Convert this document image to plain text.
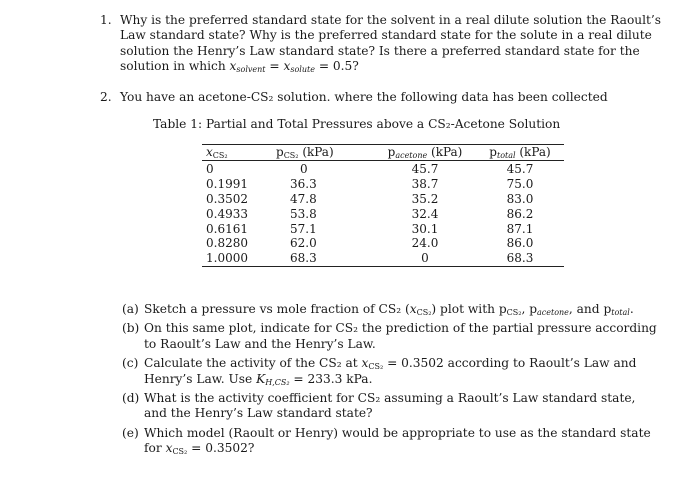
1. Why is the preferred standard state for the solvent in a real dilute solution the Raoult’s
Law standard state? Why is the preferred standard state for the solute in a real dilute
solution the Henry’s Law standard state? Is there a preferred standard state for the
solution in which $x_{solvent} = x_{solute} = 0.5$?
2. You have an acetone-CS₂ solution. where the following data has been collected
Table 1: Partial and Total Pressures above a CS₂-Acetone Solution
$x_{CS_2}$	$p_{CS_2}$ (kPa)	$p_{acetone}$ (kPa)	$p_{total}$ (kPa)
0	0	45.7	45.7
0.1991	36.3	38.7	75.0
0.3502	47.8	35.2	83.0
0.4933	53.8	32.4	86.2
0.6161	57.1	30.1	87.1
0.8280	62.0	24.0	86.0
1.0000	68.3	0	68.3
(a) Sketch a pressure vs mole fraction of CS₂ $(x_{CS_2})$ plot with $p_{CS_2}$, $p_{acetone}$, and $p_{total}$.
(b) On this same plot, indicate for CS₂ the prediction of the partial pressure according
to Raoult’s Law and the Henry’s Law.
(c) Calculate the activity of the CS₂ at $x_{CS_2} = 0.3502$ according to Raoult’s Law and
Henry’s Law. Use $K_{H,CS_2} = 233.3$ kPa.
(d) What is the activity coefficient for CS₂ assuming a Raoult’s Law standard state,
and the Henry’s Law standard state?
(e) Which model (Raoult or Henry) would be appropriate to use as the standard state
for $x_{CS_2} = 0.3502$?
